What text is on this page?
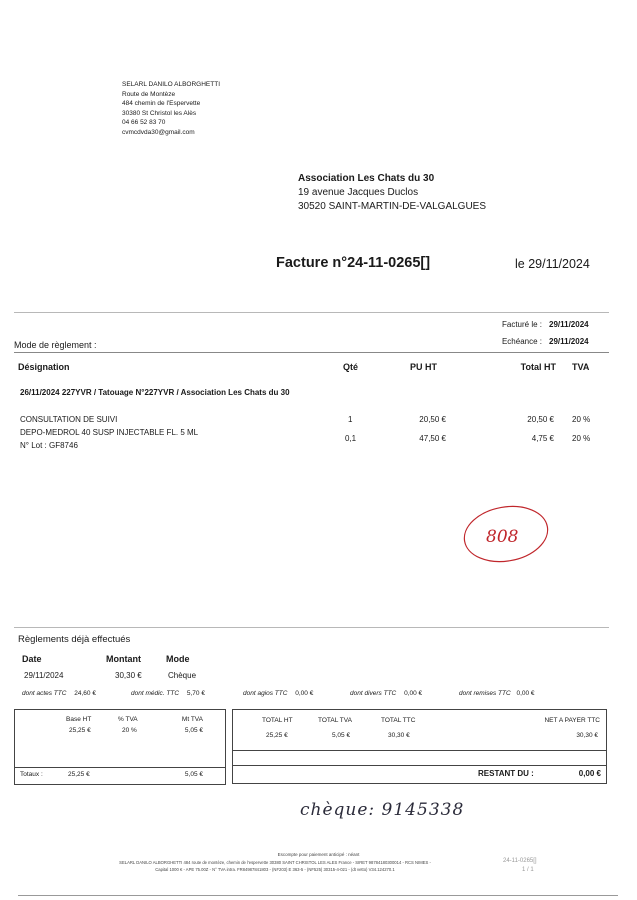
SELARL DANILO ALBORGHETTI
Route de Montèze
484 chemin de l'Espervette
30380 St Christol les Alès
04 66 52 83 70
cvmcdvda30@gmail.com
Association Les Chats du 30
19 avenue Jacques Duclos
30520 SAINT-MARTIN-DE-VALGALGUES
Facture n°24-11-0265[]	le 29/11/2024
Facturé le : 29/11/2024
Echéance : 29/11/2024
Mode de règlement :
Désignation	Qté	PU HT	Total HT TVA
26/11/2024 227YVR / Tatouage N°227YVR / Association Les Chats du 30
CONSULTATION DE SUIVI	1	20,50 €	20,50 € 20 %
DEPO-MEDROL 40 SUSP INJECTABLE FL. 5 ML
0,1	47,50 €	4,75 € 20 %
N° Lot : GF8746
808
Règlements déjà effectués
Date	Montant	Mode
29/11/2024	30,30 €	Chèque
dont actes TTC 24,60 €	dont médic. TTC 5,70 €	dont agios TTC 0,00 €	dont divers TTC 0,00 €	dont remises TTC 0,00 €
Base HT	% TVA	Mt TVA
25,25 €	20 %	5,05 €
Totaux :	25,25 €	5,05 €
TOTAL HT	TOTAL TVA	TOTAL TTC	NET A PAYER TTC
25,25 €	5,05 €	30,30 €	30,30 €
RESTANT DU :	0,00 €
chèque: 9145338
Escompte pour paiement anticipé : néant
SELARL DANILO ALBORGHETTI 484 route de montèze, chemin de l'espervette 30380 SAINT CHRISTOL LES ALES France - SIRET 98784180300014 - RCS NIMES -
Capital 1000 € - APE 75.00Z - N° TVA intra. FR84987841803 - (NF203) E 363-5 - (NF525) 30315-4-021 - (dt vetto) V34.124270.1
24-11-0265[]
1 / 1
